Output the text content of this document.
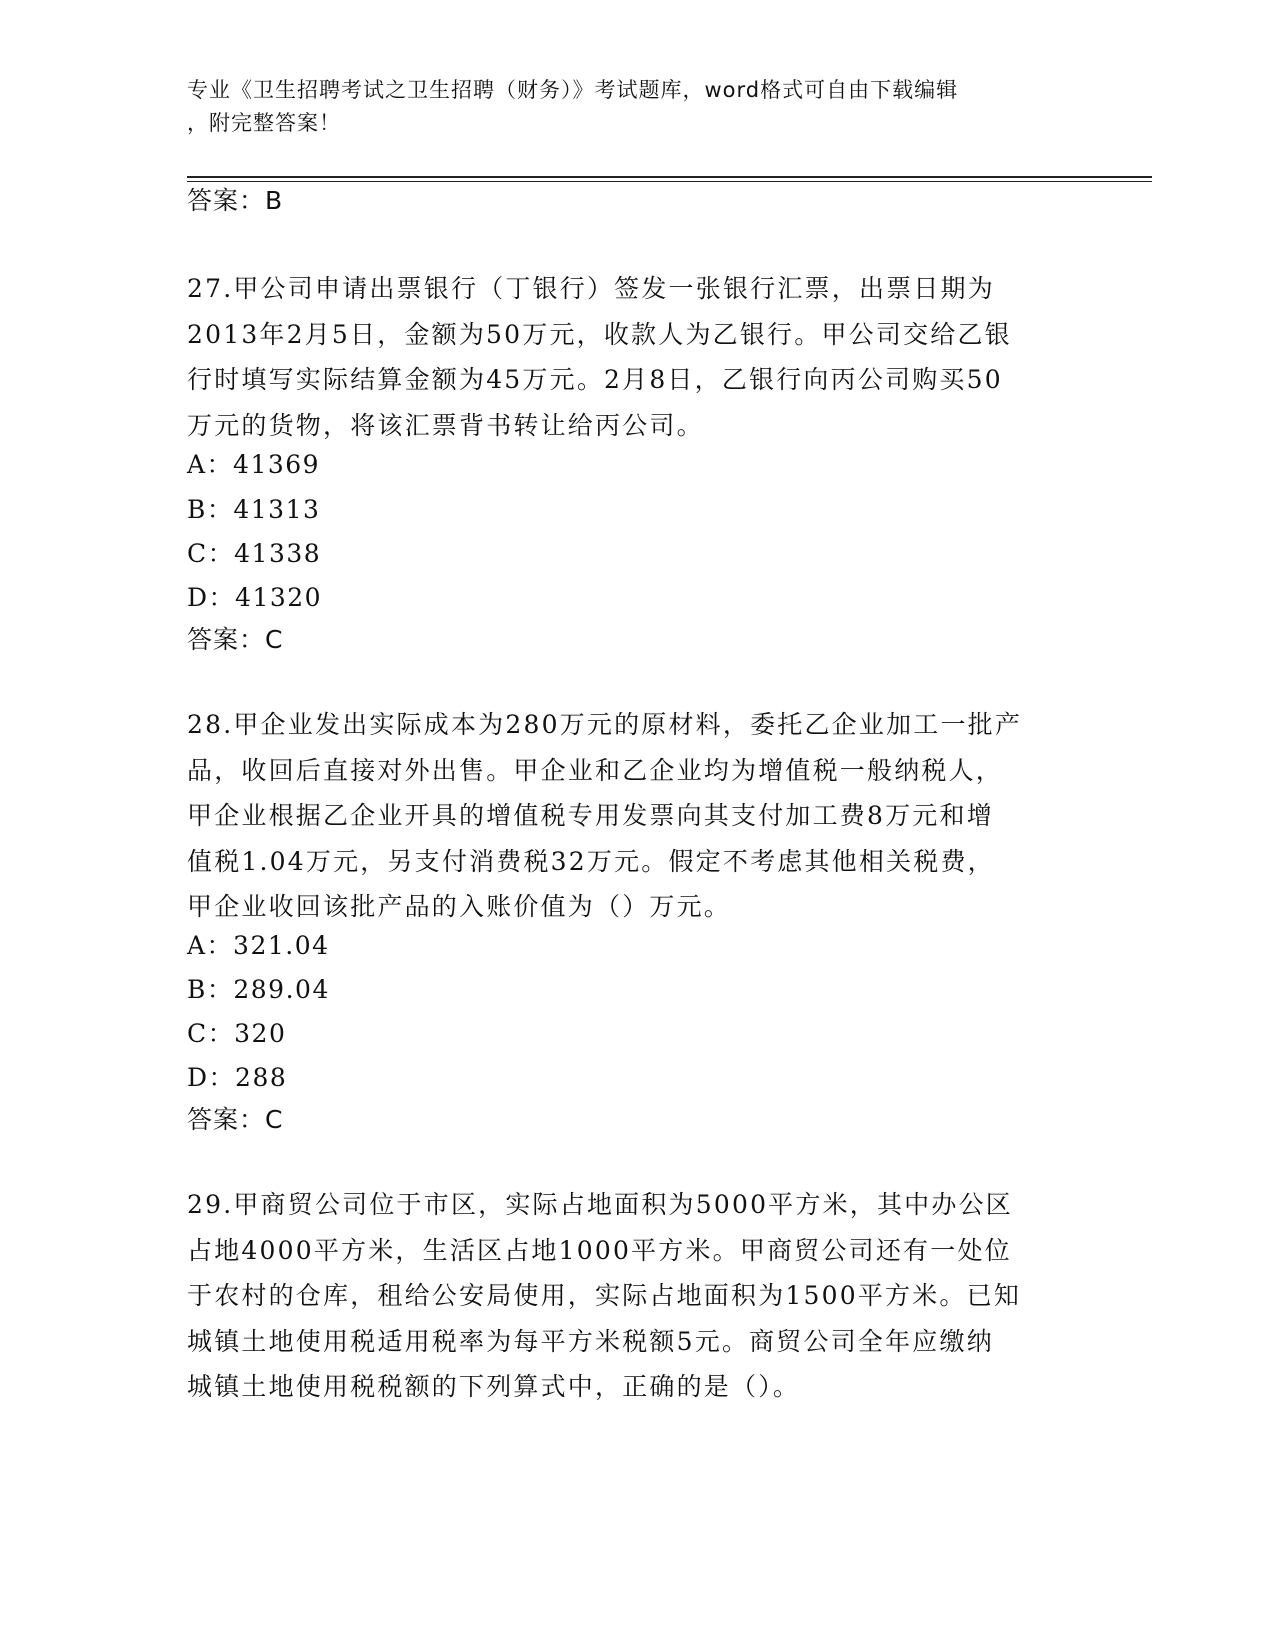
专业《卫生招聘考试之卫生招聘（财务）》考试题库，word格式可自由下载编辑
，附完整答案！
答案：B
27.甲公司申请出票银行（丁银行）签发一张银行汇票，出票日期为
2013年2月5日，金额为50万元，收款人为乙银行。甲公司交给乙银
行时填写实际结算金额为45万元。2月8日，乙银行向丙公司购买50
万元的货物，将该汇票背书转让给丙公司。
A：41369
B：41313
C：41338
D：41320
答案：C
28.甲企业发出实际成本为280万元的原材料，委托乙企业加工一批产
品，收回后直接对外出售。甲企业和乙企业均为增值税一般纳税人，
甲企业根据乙企业开具的增值税专用发票向其支付加工费8万元和增
值税1.04万元，另支付消费税32万元。假定不考虑其他相关税费，
甲企业收回该批产品的入账价值为（）万元。
A：321.04
B：289.04
C：320
D：288
答案：C
29.甲商贸公司位于市区，实际占地面积为5000平方米，其中办公区
占地4000平方米，生活区占地1000平方米。甲商贸公司还有一处位
于农村的仓库，租给公安局使用，实际占地面积为1500平方米。已知
城镇土地使用税适用税率为每平方米税额5元。商贸公司全年应缴纳
城镇土地使用税税额的下列算式中，正确的是（）。
